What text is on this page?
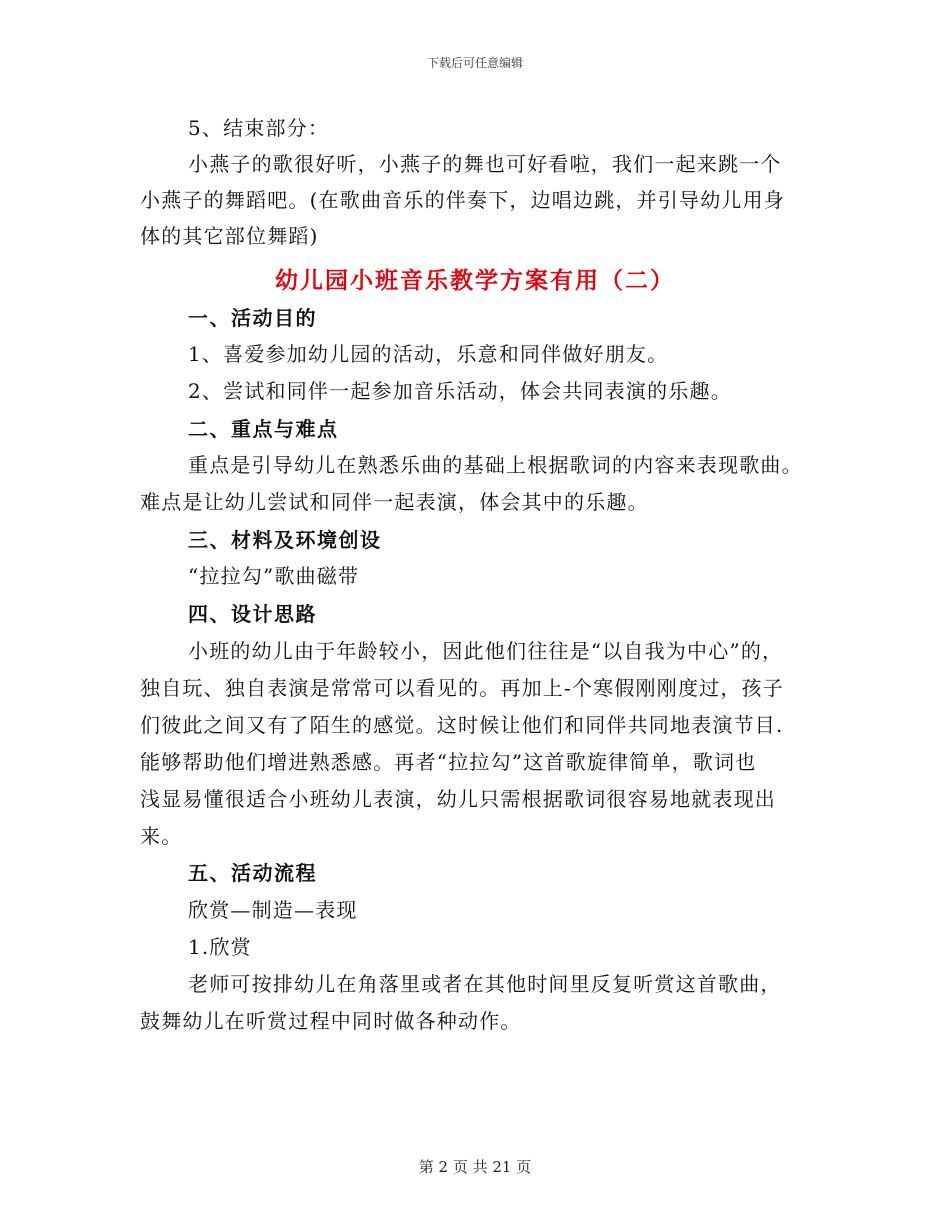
下载后可任意编辑
5、结束部分：
小燕子的歌很好听，小燕子的舞也可好看啦，我们一起来跳一个
小燕子的舞蹈吧。(在歌曲音乐的伴奏下，边唱边跳，并引导幼儿用身
体的其它部位舞蹈)
幼儿园小班音乐教学方案有用（二）
一、活动目的
1、喜爱参加幼儿园的活动，乐意和同伴做好朋友。
2、尝试和同伴一起参加音乐活动，体会共同表演的乐趣。
二、重点与难点
重点是引导幼儿在熟悉乐曲的基础上根据歌词的内容来表现歌曲。
难点是让幼儿尝试和同伴一起表演，体会其中的乐趣。
三、材料及环境创设
“拉拉勾”歌曲磁带
四、设计思路
小班的幼儿由于年龄较小，因此他们往往是“以自我为中心”的，
独自玩、独自表演是常常可以看见的。再加上-个寒假刚刚度过，孩子
们彼此之间又有了陌生的感觉。这时候让他们和同伴共同地表演节目.
能够帮助他们增进熟悉感。再者“拉拉勾”这首歌旋律简单，歌词也
浅显易懂很适合小班幼儿表演，幼儿只需根据歌词很容易地就表现出
来。
五、活动流程
欣赏—制造—表现
1.欣赏
老师可按排幼儿在角落里或者在其他时间里反复听赏这首歌曲，
鼓舞幼儿在听赏过程中同时做各种动作。
第 2 页 共 21 页
